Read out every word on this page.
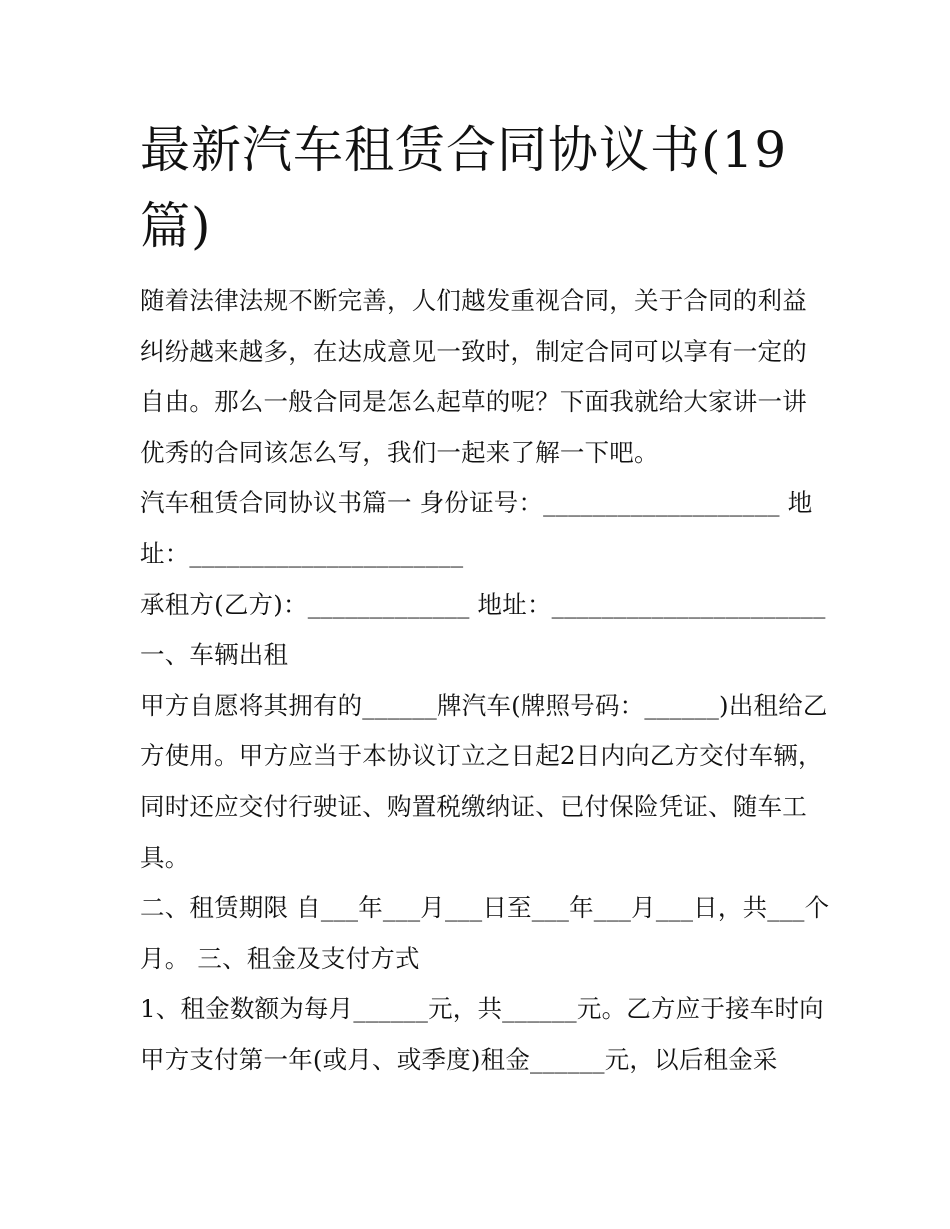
最新汽车租赁合同协议书(19篇)

随着法律法规不断完善，人们越发重视合同，关于合同的利益纠纷越来越多，在达成意见一致时，制定合同可以享有一定的自由。那么一般合同是怎么起草的呢？下面我就给大家讲一讲优秀的合同该怎么写，我们一起来了解一下吧。

汽车租赁合同协议书篇一 身份证号：___________________ 地址：______________________

承租方(乙方)：_____________ 地址：______________________

一、车辆出租

甲方自愿将其拥有的______牌汽车(牌照号码：______)出租给乙方使用。甲方应当于本协议订立之日起2日内向乙方交付车辆，同时还应交付行驶证、购置税缴纳证、已付保险凭证、随车工具。

二、租赁期限 自___年___月___日至___年___月___日，共___个月。 三、租金及支付方式

1、租金数额为每月______元，共______元。乙方应于接车时向甲方支付第一年(或月、或季度)租金______元，以后租金采
